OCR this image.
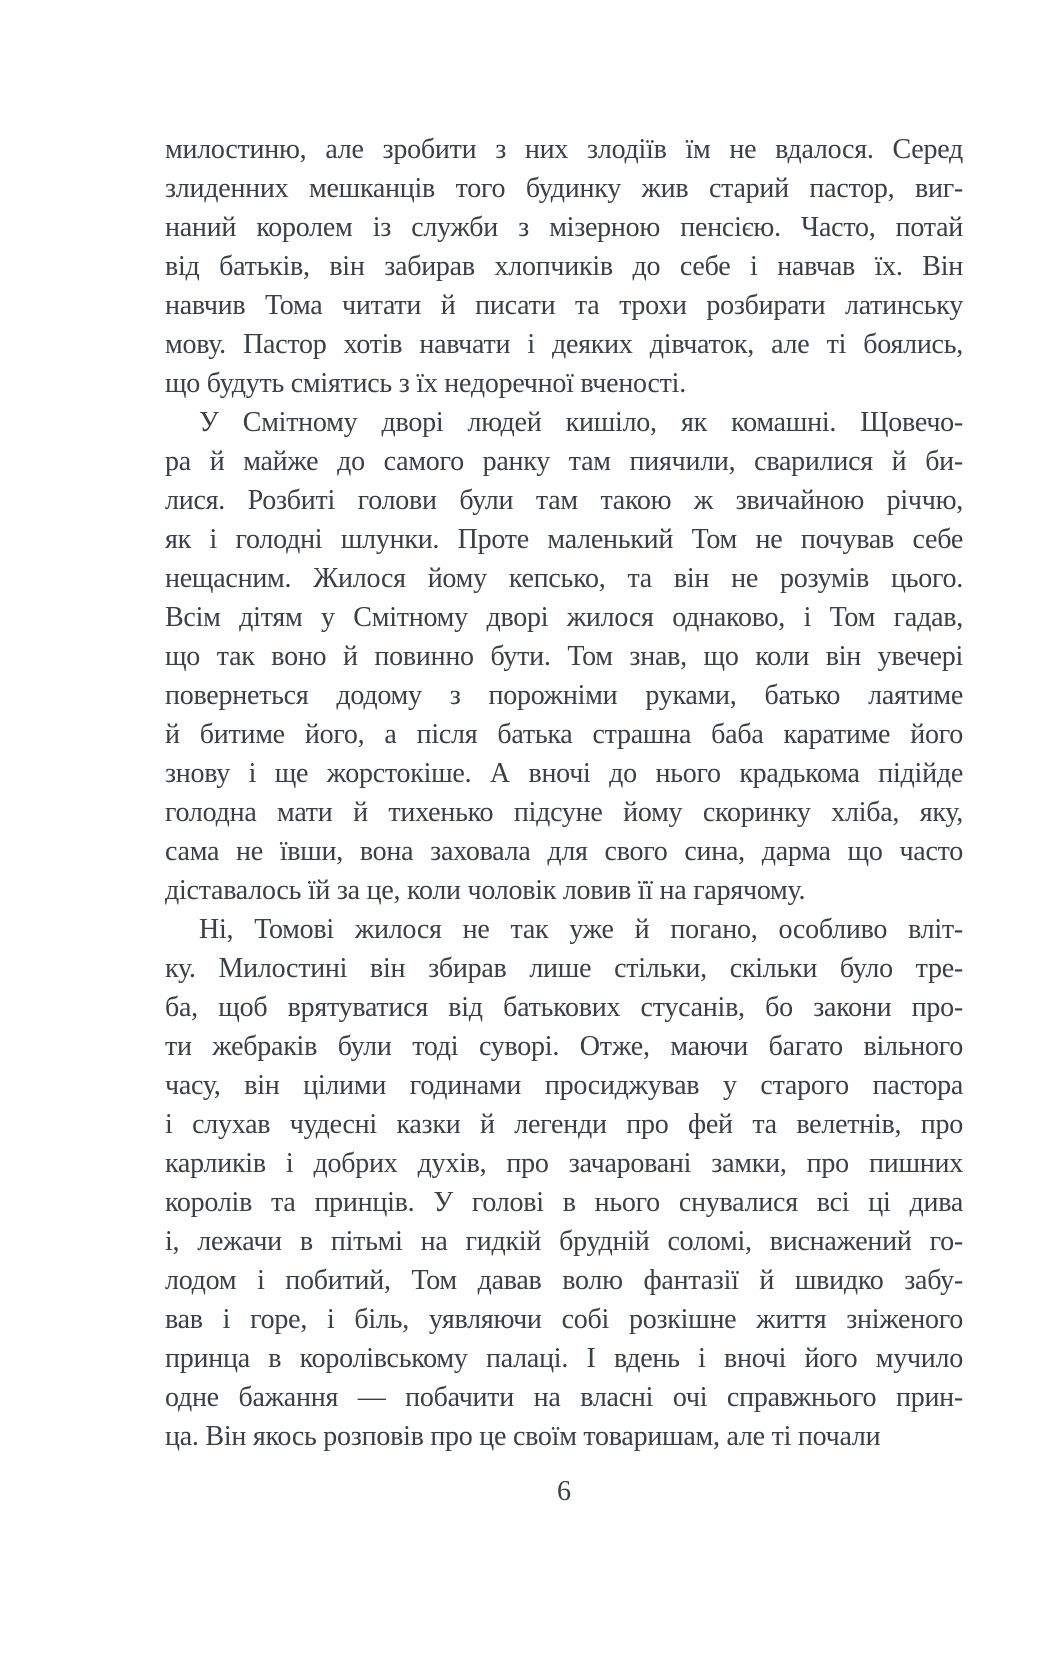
милостиню, але зробити з них злодіїв їм не вдалося. Серед
злиденних мешканців того будинку жив старий пастор, виг-
наний королем із служби з мізерною пенсією. Часто, потай
від батьків, він забирав хлопчиків до себе і навчав їх. Він
навчив Тома читати й писати та трохи розбирати латинську
мову. Пастор хотів навчати і деяких дівчаток, але ті боялись,
що будуть сміятись з їх недоречної вченості.
У Смітному дворі людей кишіло, як комашні. Щовечо-
ра й майже до самого ранку там пиячили, сварилися й би-
лися. Розбиті голови були там такою ж звичайною річчю,
як і голодні шлунки. Проте маленький Том не почував себе
нещасним. Жилося йому кепсько, та він не розумів цього.
Всім дітям у Смітному дворі жилося однаково, і Том гадав,
що так воно й повинно бути. Том знав, що коли він увечері
повернеться додому з порожніми руками, батько лаятиме
й битиме його, а після батька страшна баба каратиме його
знову і ще жорстокіше. А вночі до нього крадькома підійде
голодна мати й тихенько підсуне йому скоринку хліба, яку,
сама не ївши, вона заховала для свого сина, дарма що часто
діставалось їй за це, коли чоловік ловив її на гарячому.
Ні, Томові жилося не так уже й погано, особливо вліт-
ку. Милостині він збирав лише стільки, скільки було тре-
ба, щоб врятуватися від батькових стусанів, бо закони про-
ти жебраків були тоді суворі. Отже, маючи багато вільного
часу, він цілими годинами просиджував у старого пастора
і слухав чудесні казки й легенди про фей та велетнів, про
карликів і добрих духів, про зачаровані замки, про пишних
королів та принців. У голові в нього снувалися всі ці дива
і, лежачи в пітьмі на гидкій брудній соломі, виснажений го-
лодом і побитий, Том давав волю фантазії й швидко забу-
вав і горе, і біль, уявляючи собі розкішне життя зніженого
принца в королівському палаці. І вдень і вночі його мучило
одне бажання — побачити на власні очі справжнього прин-
ца. Він якось розповів про це своїм товаришам, але ті почали
6
